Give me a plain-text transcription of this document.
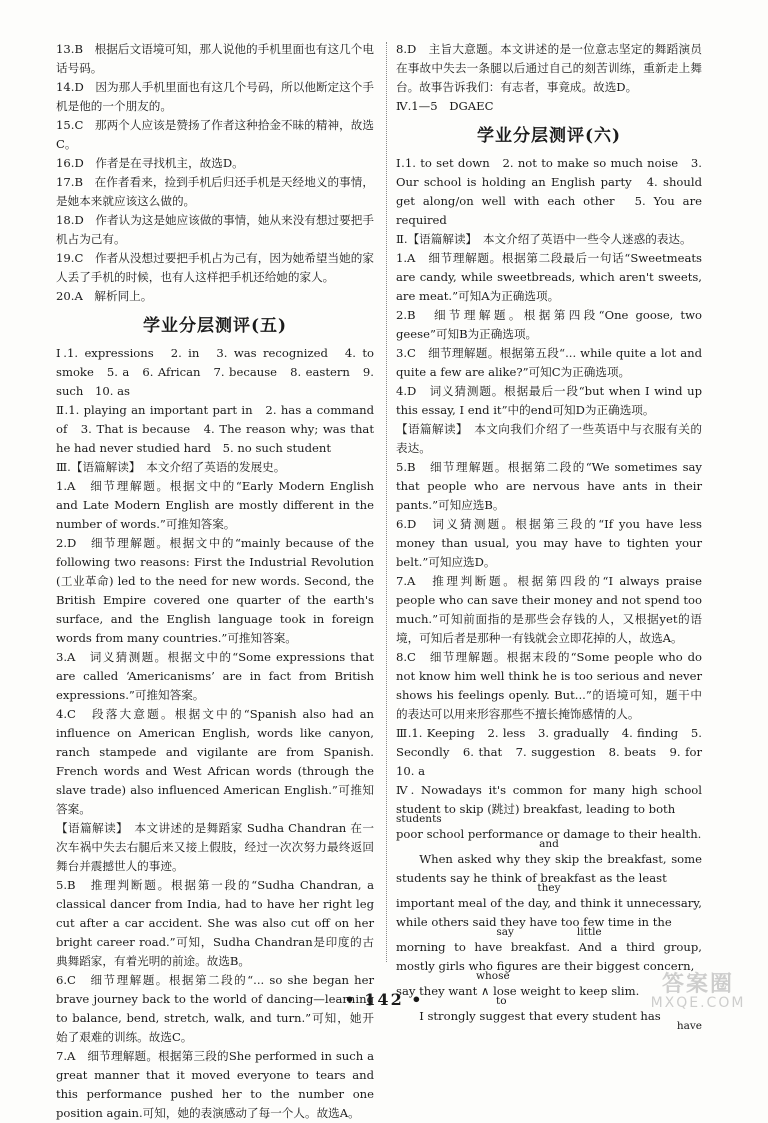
13.B　根据后文语境可知，那人说他的手机里面也有这几个电话号码。

14.D　因为那人手机里面也有这几个号码，所以他断定这个手机是他的一个朋友的。

15.C　那两个人应该是赞扬了作者这种拾金不昧的精神，故选C。

16.D　作者是在寻找机主，故选D。

17.B　在作者看来，捡到手机后归还手机是天经地义的事情，是她本来就应该这么做的。

18.D　作者认为这是她应该做的事情，她从来没有想过要把手机占为己有。

19.C　作者从没想过要把手机占为己有，因为她希望当她的家人丢了手机的时候，也有人这样把手机还给她的家人。

20.A　解析同上。

学业分层测评(五)

Ⅰ.1. expressions　2. in　3. was recognized　4. to smoke　5. a　6. African　7. because　8. eastern　9. such　10. as

Ⅱ.1. playing an important part in　2. has a command of　3. That is because　4. The reason why; was that he had never studied hard　5. no such student

Ⅲ.【语篇解读】　本文介绍了英语的发展史。

1.A　细节理解题。根据文中的“Early Modern English and Late Modern English are mostly different in the number of words.”可推知答案。

2.D　细节理解题。根据文中的“mainly because of the following two reasons: First the Industrial Revolution (工业革命) led to the need for new words. Second, the British Empire covered one quarter of the earth's surface, and the English language took in foreign words from many countries.”可推知答案。

3.A　词义猜测题。根据文中的“Some expressions that are called ‘Americanisms’ are in fact from British expressions.”可推知答案。

4.C　段落大意题。根据文中的“Spanish also had an influence on American English, words like canyon, ranch stampede and vigilante are from Spanish. French words and West African words (through the slave trade) also influenced American English.”可推知答案。

【语篇解读】　本文讲述的是舞蹈家 Sudha Chandran 在一次车祸中失去右腿后来又接上假肢，经过一次次努力最终返回舞台并震撼世人的事迹。

5.B　推理判断题。根据第一段的“Sudha Chandran, a classical dancer from India, had to have her right leg cut after a car accident. She was also cut off on her bright career road.”可知，Sudha Chandran是印度的古典舞蹈家，有着光明的前途。故选B。

6.C　细节理解题。根据第二段的“... so she began her brave journey back to the world of dancing—learning to balance, bend, stretch, walk, and turn.”可知，她开始了艰难的训练。故选C。

7.A　细节理解题。根据第三段的She performed in such a great manner that it moved everyone to tears and this performance pushed her to the number one position again.可知，她的表演感动了每一个人。故选A。

8.D　主旨大意题。本文讲述的是一位意志坚定的舞蹈演员在事故中失去一条腿以后通过自己的刻苦训练，重新走上舞台。故事告诉我们：有志者，事竟成。故选D。

Ⅳ.1—5　DGAEC

学业分层测评(六)

Ⅰ.1. to set down　2. not to make so much noise　3. Our school is holding an English party　4. should get along/on well with each other　5. You are required

Ⅱ.【语篇解读】　本文介绍了英语中一些令人迷惑的表达。

1.A　细节理解题。根据第二段最后一句话“Sweetmeats are candy, while sweetbreads, which aren't sweets, are meat.”可知A为正确选项。

2.B　细节理解题。根据第四段“One goose, two geese”可知B为正确选项。

3.C　细节理解题。根据第五段“... while quite a lot and quite a few are alike?”可知C为正确选项。

4.D　词义猜测题。根据最后一段“but when I wind up this essay, I end it”中的end可知D为正确选项。

【语篇解读】　本文向我们介绍了一些英语中与衣服有关的表达。

5.B　细节理解题。根据第二段的“We sometimes say that people who are nervous have ants in their pants.”可知应选B。

6.D　词义猜测题。根据第三段的“If you have less money than usual, you may have to tighten your belt.”可知应选D。

7.A　推理判断题。根据第四段的“I always praise people who can save their money and not spend too much.”可知前面指的是那些会存钱的人，又根据yet的语境，可知后者是那种一有钱就会立即花掉的人，故选A。

8.C　细节理解题。根据末段的“Some people who do not know him well think he is too serious and never shows his feelings openly. But...”的语境可知，题干中的表达可以用来形容那些不擅长掩饰感情的人。

Ⅲ.1. Keeping　2. less　3. gradually　4. finding　5. Secondly　6. that　7. suggestion　8. beats　9. for　10. a

Ⅳ. Nowadays it's common for many high school student to skip (跳过) breakfast, leading to both

students

poor school performance or damage to their health.

and

When asked why they skip the breakfast, some students say he think of breakfast as the least

they

important meal of the day, and think it unnecessary, while others said they have too few time in the

say　　　　　　little

morning to have breakfast. And a third group, mostly girls who figures are their biggest concern,

whose

say they want ∧ lose weight to keep slim.

to

I strongly suggest that every student has

have

• 142 •
答案圈
MXQE.COM
